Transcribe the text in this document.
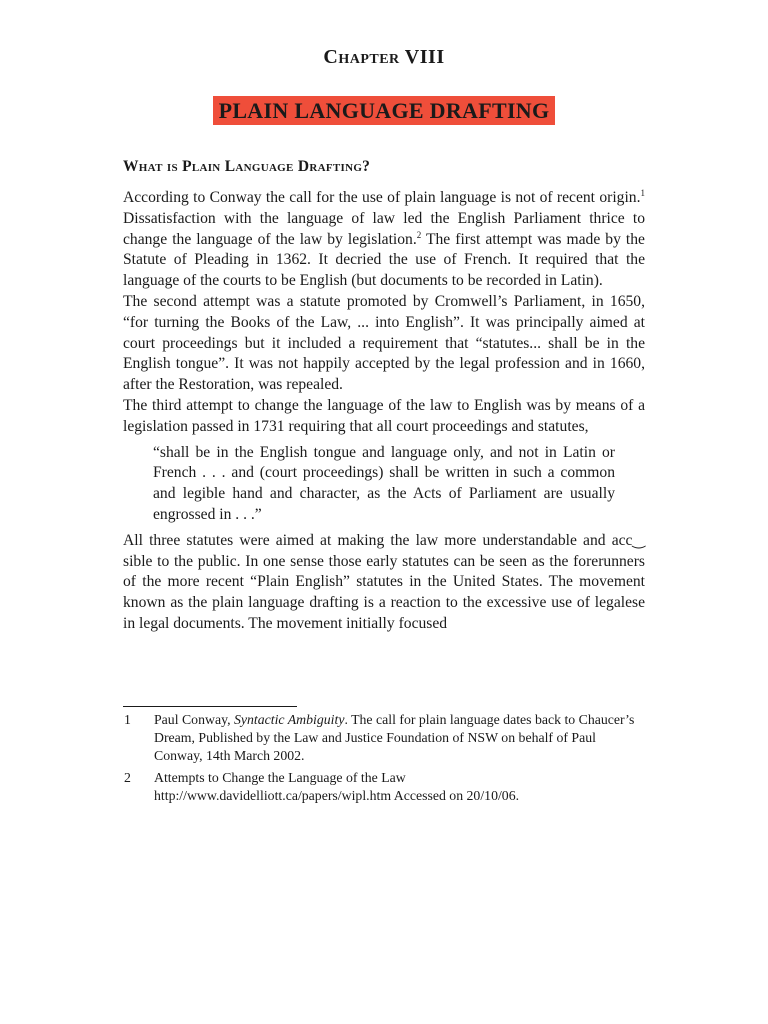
Chapter VIII
PLAIN LANGUAGE DRAFTING
What is Plain Language Drafting?

According to Conway the call for the use of plain language is not of recent origin.$^1$ Dissatisfaction with the language of law led the English Parliament thrice to change the language of the law by legislation.$^2$ The first attempt was made by the Statute of Pleading in 1362. It decried the use of French. It required that the language of the courts to be English (but documents to be recorded in Latin).

The second attempt was a statute promoted by Cromwell’s Parliament, in 1650, “for turning the Books of the Law, ... into English”. It was principally aimed at court proceedings but it included a requirement that “statutes... shall be in the English tongue”. It was not happily accepted by the legal profession and in 1660, after the Restoration, was repealed.

The third attempt to change the language of the law to English was by means of a legislation passed in 1731 requiring that all court proceedings and statutes,

“shall be in the English tongue and language only, and not in Latin or French . . . and (court proceedings) shall be written in such a common and legible hand and character, as the Acts of Parliament are usually engrossed in . . .”

All three statutes were aimed at making the law more understandable and acc‿ sible to the public. In one sense those early statutes can be seen as the forerunners of the more recent “Plain English” statutes in the United States. The movement known as the plain language drafting is a reaction to the excessive use of legalese in legal documents. The movement initially focused

1	Paul Conway, Syntactic Ambiguity. The call for plain language dates back to Chaucer’s Dream, Published by the Law and Justice Foundation of NSW on behalf of Paul Conway, 14th March 2002.
2	Attempts to Change the Language of the Law http://www.davidelliott.ca/papers/wipl.htm Accessed on 20/10/06.
